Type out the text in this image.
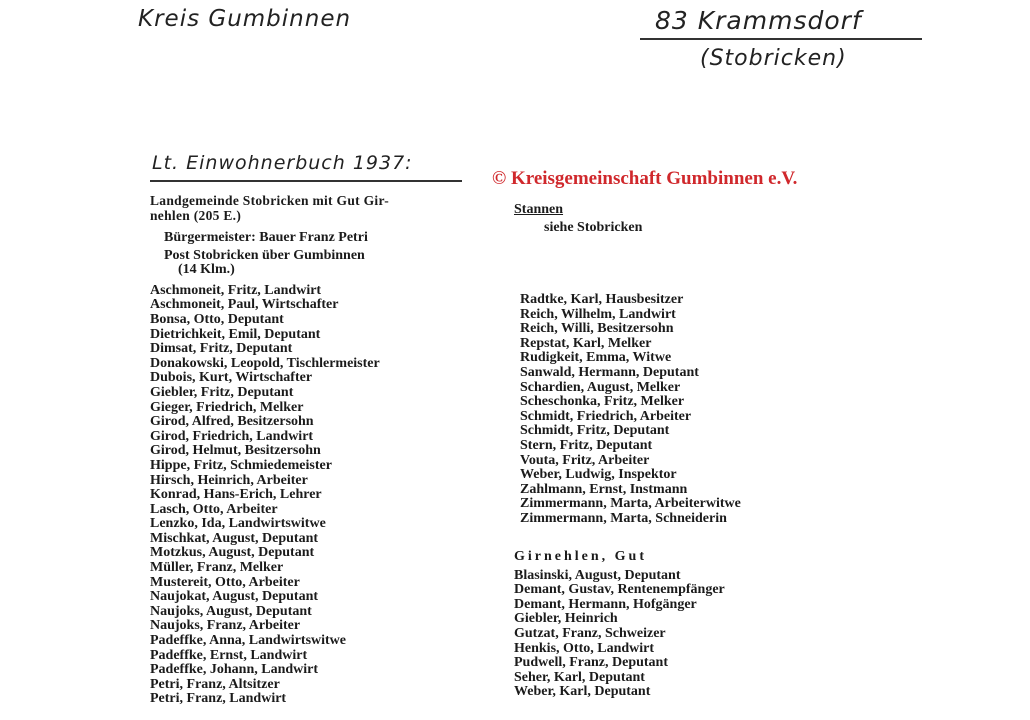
Kreis Gumbinnen	83 Krammsdorf
(Stobricken)
Lt. Einwohnerbuch 1937:
© Kreisgemeinschaft Gumbinnen e.V.
Landgemeinde Stobricken mit Gut Gir-
nehlen (205 E.)
Bürgermeister: Bauer Franz Petri
Post Stobricken über Gumbinnen
(14 Klm.)
Aschmoneit, Fritz, Landwirt
Aschmoneit, Paul, Wirtschafter
Bonsa, Otto, Deputant
Dietrichkeit, Emil, Deputant
Dimsat, Fritz, Deputant
Donakowski, Leopold, Tischlermeister
Dubois, Kurt, Wirtschafter
Giebler, Fritz, Deputant
Gieger, Friedrich, Melker
Girod, Alfred, Besitzersohn
Girod, Friedrich, Landwirt
Girod, Helmut, Besitzersohn
Hippe, Fritz, Schmiedemeister
Hirsch, Heinrich, Arbeiter
Konrad, Hans-Erich, Lehrer
Lasch, Otto, Arbeiter
Lenzko, Ida, Landwirtswitwe
Mischkat, August, Deputant
Motzkus, August, Deputant
Müller, Franz, Melker
Mustereit, Otto, Arbeiter
Naujokat, August, Deputant
Naujoks, August, Deputant
Naujoks, Franz, Arbeiter
Padeffke, Anna, Landwirtswitwe
Padeffke, Ernst, Landwirt
Padeffke, Johann, Landwirt
Petri, Franz, Altsitzer
Petri, Franz, Landwirt
Stannen
siehe Stobricken
Radtke, Karl, Hausbesitzer
Reich, Wilhelm, Landwirt
Reich, Willi, Besitzersohn
Repstat, Karl, Melker
Rudigkeit, Emma, Witwe
Sanwald, Hermann, Deputant
Schardien, August, Melker
Scheschonka, Fritz, Melker
Schmidt, Friedrich, Arbeiter
Schmidt, Fritz, Deputant
Stern, Fritz, Deputant
Vouta, Fritz, Arbeiter
Weber, Ludwig, Inspektor
Zahlmann, Ernst, Instmann
Zimmermann, Marta, Arbeiterwitwe
Zimmermann, Marta, Schneiderin
Girnehlen, Gut
Blasinski, August, Deputant
Demant, Gustav, Rentenempfänger
Demant, Hermann, Hofgänger
Giebler, Heinrich
Gutzat, Franz, Schweizer
Henkis, Otto, Landwirt
Pudwell, Franz, Deputant
Seher, Karl, Deputant
Weber, Karl, Deputant
